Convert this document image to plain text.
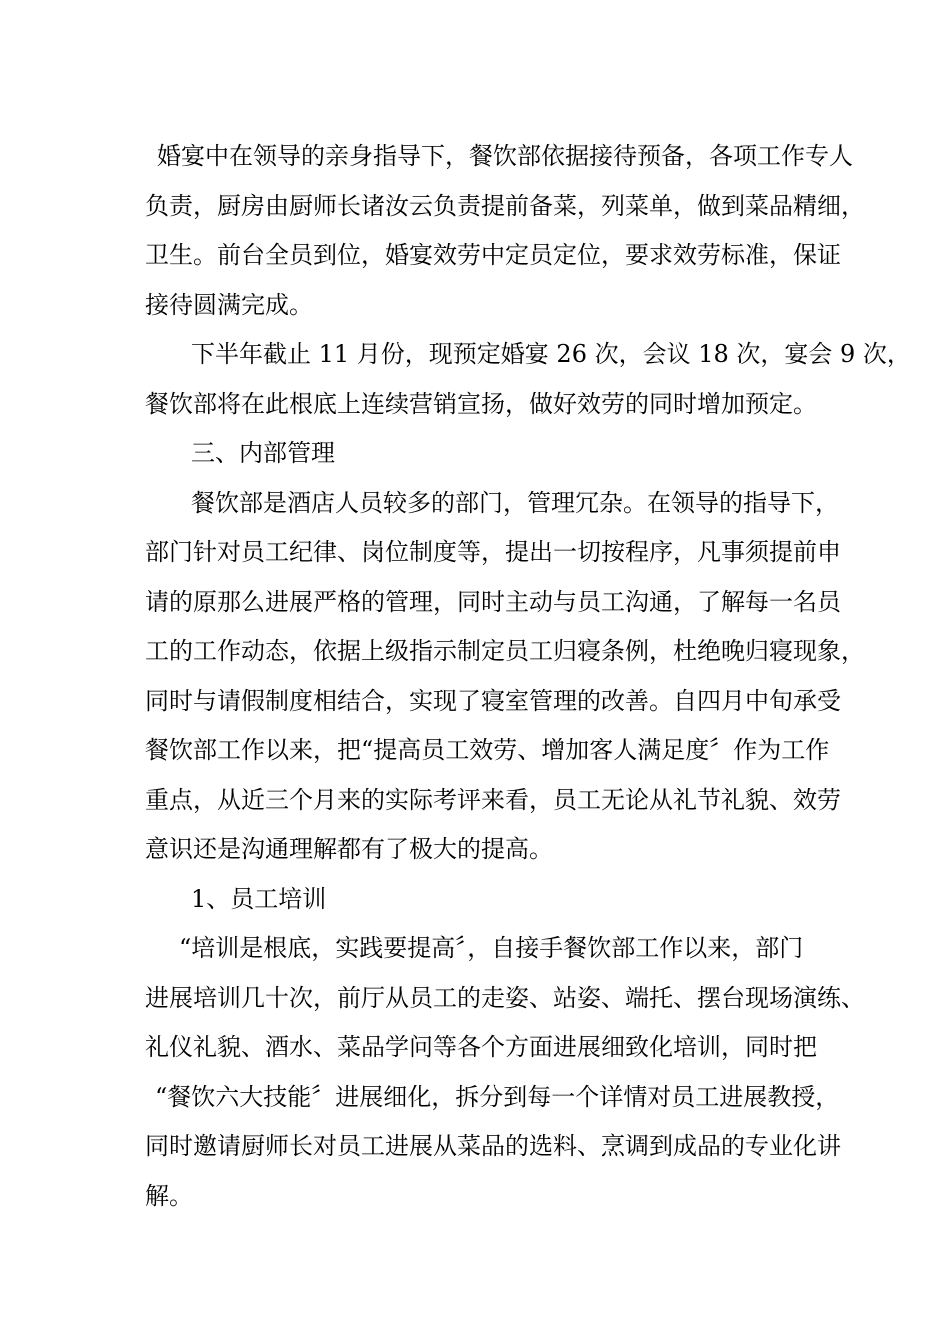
婚宴中在领导的亲身指导下，餐饮部依据接待预备，各项工作专人
负责，厨房由厨师长诸汝云负责提前备菜，列菜单，做到菜品精细，
卫生。前台全员到位，婚宴效劳中定员定位，要求效劳标准，保证
接待圆满完成。
下半年截止 11 月份，现预定婚宴 26 次，会议 18 次，宴会 9 次，
餐饮部将在此根底上连续营销宣扬，做好效劳的同时增加预定。
三、内部管理
餐饮部是酒店人员较多的部门，管理冗杂。在领导的指导下，
部门针对员工纪律、岗位制度等，提出一切按程序，凡事须提前申
请的原那么进展严格的管理，同时主动与员工沟通，了解每一名员
工的工作动态，依据上级指示制定员工归寝条例，杜绝晚归寝现象，
同时与请假制度相结合，实现了寝室管理的改善。自四月中旬承受
餐饮部工作以来，把“提高员工效劳、增加客人满足度〞作为工作
重点，从近三个月来的实际考评来看，员工无论从礼节礼貌、效劳
意识还是沟通理解都有了极大的提高。
1、员工培训
“培训是根底，实践要提高〞，自接手餐饮部工作以来，部门
进展培训几十次，前厅从员工的走姿、站姿、端托、摆台现场演练、
礼仪礼貌、酒水、菜品学问等各个方面进展细致化培训，同时把
“餐饮六大技能〞进展细化，拆分到每一个详情对员工进展教授，
同时邀请厨师长对员工进展从菜品的选料、烹调到成品的专业化讲
解。
